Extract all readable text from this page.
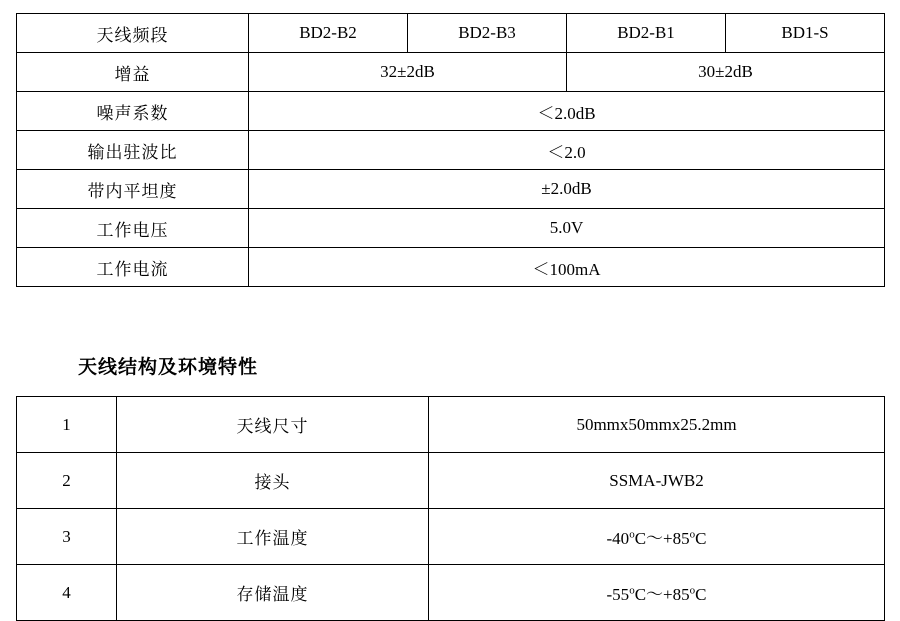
天线频段	BD2-B2	BD2-B3	BD2-B1	BD1-S
增益	32±2dB		30±2dB	
噪声系数	＜2.0dB			
输出驻波比	＜2.0			
带内平坦度	±2.0dB			
工作电压	5.0V			
工作电流	＜100mA			
天线结构及环境特性
1	天线尺寸	50mmx50mmx25.2mm
2	接头	SSMA-JWB2
3	工作温度	$-40^oC\sim+85^oC$
4	存储温度	$-55^oC\sim+85^oC$
